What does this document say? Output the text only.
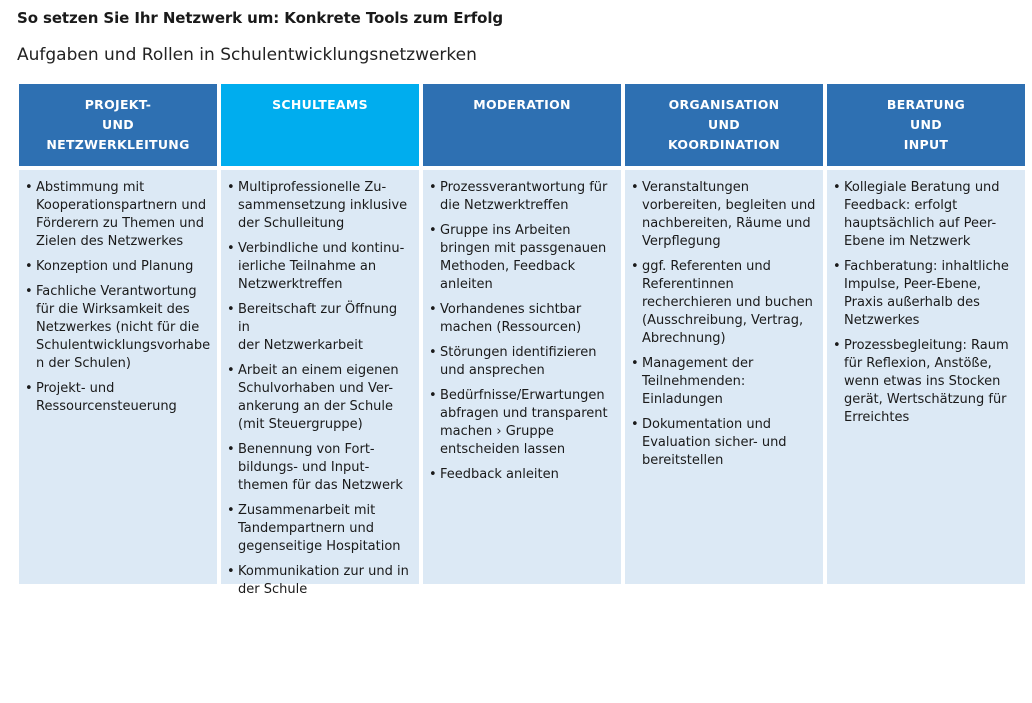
So setzen Sie Ihr Netzwerk um: Konkrete Tools zum Erfolg
Aufgaben und Rollen in Schulentwicklungsnetzwerken
PROJEKT-
UND
NETZWERKLEITUNG
• Abstimmung mit
Kooperationspartnern und
Förderern zu Themen und
Zielen des Netzwerkes
• Konzeption und Planung
• Fachliche Verantwortung
für die Wirksamkeit des
Netzwerkes (nicht für die
Schulentwicklungsvorhabe
n der Schulen)
• Projekt- und
Ressourcensteuerung
SCHULTEAMS
• Multiprofessionelle Zu-
sammensetzung inklusive
der Schulleitung
• Verbindliche und kontinu-
ierliche Teilnahme an
Netzwerktreffen
• Bereitschaft zur Öffnung in
der Netzwerkarbeit
• Arbeit an einem eigenen
Schulvorhaben und Ver-
ankerung an der Schule
(mit Steuergruppe)
• Benennung von Fort-
bildungs- und Input-
themen für das Netzwerk
• Zusammenarbeit mit
Tandempartnern und
gegenseitige Hospitation
• Kommunikation zur und in
der Schule
MODERATION
• Prozessverantwortung für
die Netzwerktreffen
• Gruppe ins Arbeiten
bringen mit passgenauen
Methoden, Feedback
anleiten
• Vorhandenes sichtbar
machen (Ressourcen)
• Störungen identifizieren
und ansprechen
• Bedürfnisse/Erwartungen
abfragen und transparent
machen › Gruppe
entscheiden lassen
• Feedback anleiten
ORGANISATION
UND
KOORDINATION
• Veranstaltungen
vorbereiten, begleiten und
nachbereiten, Räume und
Verpflegung
• ggf. Referenten und
Referentinnen
recherchieren und buchen
(Ausschreibung, Vertrag,
Abrechnung)
• Management der
Teilnehmenden:
Einladungen
• Dokumentation und
Evaluation sicher- und
bereitstellen
BERATUNG
UND
INPUT
• Kollegiale Beratung und
Feedback: erfolgt
hauptsächlich auf Peer-
Ebene im Netzwerk
• Fachberatung: inhaltliche
Impulse, Peer-Ebene,
Praxis außerhalb des
Netzwerkes
• Prozessbegleitung: Raum
für Reflexion, Anstöße,
wenn etwas ins Stocken
gerät, Wertschätzung für
Erreichtes
